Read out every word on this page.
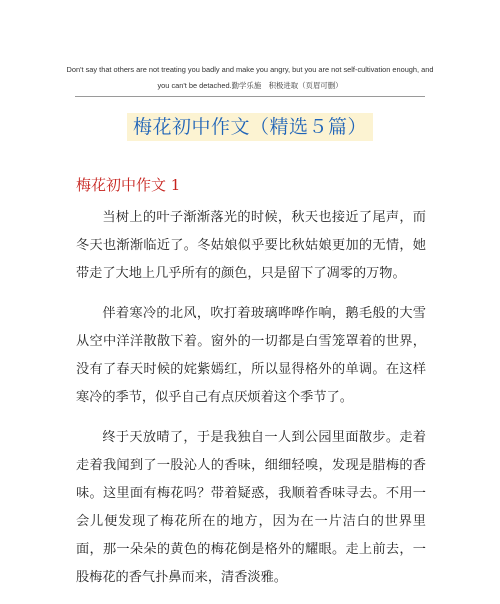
Don't say that others are not treating you badly and make you angry, but you are not self-cultivation enough, and you can't be detached.勤学乐施　积极进取（页眉可删）
梅花初中作文（精选５篇）
梅花初中作文 1

当树上的叶子渐渐落光的时候，秋天也接近了尾声，而冬天也渐渐临近了。冬姑娘似乎要比秋姑娘更加的无情，她带走了大地上几乎所有的颜色，只是留下了凋零的万物。

伴着寒冷的北风，吹打着玻璃哗哗作响，鹅毛般的大雪从空中洋洋散散下着。窗外的一切都是白雪笼罩着的世界，没有了春天时候的姹紫嫣红，所以显得格外的单调。在这样寒冷的季节，似乎自己有点厌烦着这个季节了。

终于天放晴了，于是我独自一人到公园里面散步。走着走着我闻到了一股沁人的香味，细细轻嗅，发现是腊梅的香味。这里面有梅花吗？带着疑惑，我顺着香味寻去。不用一会儿便发现了梅花所在的地方，因为在一片洁白的世界里面，那一朵朵的黄色的梅花倒是格外的耀眼。走上前去，一股梅花的香气扑鼻而来，清香淡雅。
